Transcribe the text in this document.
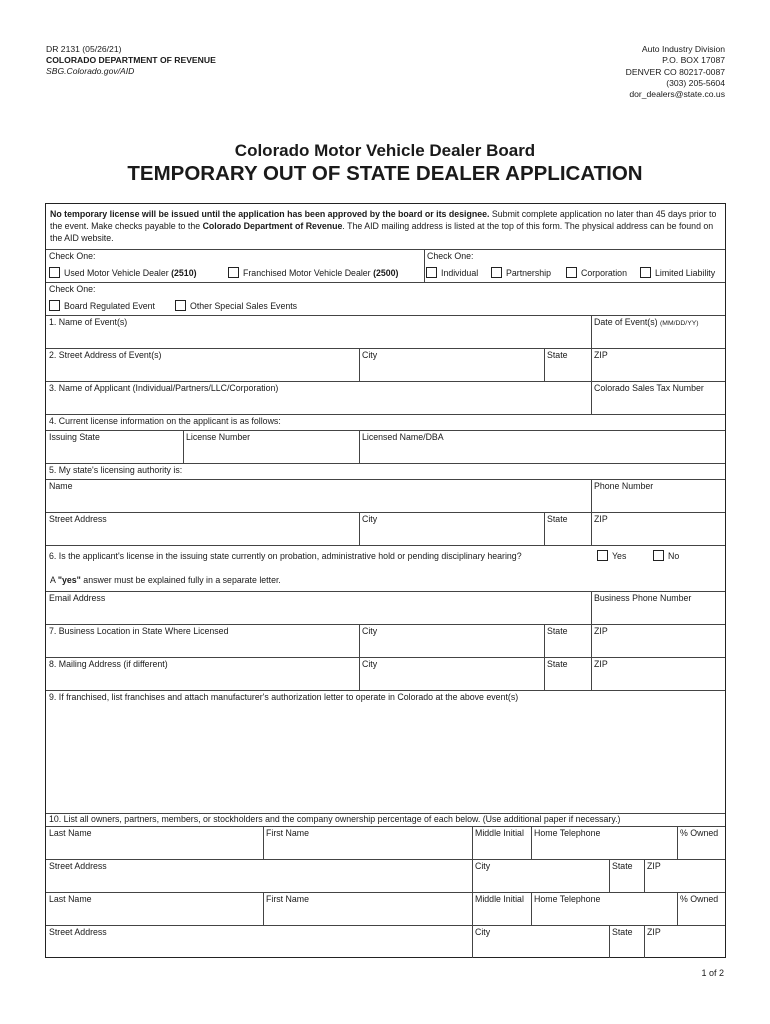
DR 2131 (05/26/21)
COLORADO DEPARTMENT OF REVENUE
SBG.Colorado.gov/AID
Auto Industry Division
P.O. BOX 17087
DENVER CO 80217-0087
(303) 205-5604
dor_dealers@state.co.us
Colorado Motor Vehicle Dealer Board
TEMPORARY OUT OF STATE DEALER APPLICATION
No temporary license will be issued until the application has been approved by the board or its designee. Submit complete application no later than 45 days prior to the event. Make checks payable to the Colorado Department of Revenue. The AID mailing address is listed at the top of this form. The physical address can be found on the AID website.
Check One:
Used Motor Vehicle Dealer (2510)	Franchised Motor Vehicle Dealer (2500)
Check One:
Individual	Partnership	Corporation	Limited Liability
Check One:
Board Regulated Event	Other Special Sales Events
1. Name of Event(s)	Date of Event(s) (MM/DD/YY)
2. Street Address of Event(s)	City	State	ZIP
3. Name of Applicant (Individual/Partners/LLC/Corporation)	Colorado Sales Tax Number
4. Current license information on the applicant is as follows:
Issuing State	License Number	Licensed Name/DBA
5. My state's licensing authority is:
Name	Phone Number
Street Address	City	State	ZIP
6. Is the applicant's license in the issuing state currently on probation, administrative hold or pending disciplinary hearing?	Yes	No
A "yes" answer must be explained fully in a separate letter.
Email Address	Business Phone Number
7. Business Location in State Where Licensed	City	State	ZIP
8. Mailing Address (if different)	City	State	ZIP
9. If franchised, list franchises and attach manufacturer's authorization letter to operate in Colorado at the above event(s)
10. List all owners, partners, members, or stockholders and the company ownership percentage of each below. (Use additional paper if necessary.)
Last Name	First Name	Middle Initial	Home Telephone	% Owned
Street Address	City	State	ZIP
Last Name	First Name	Middle Initial	Home Telephone	% Owned
Street Address	City	State	ZIP
1 of 2
